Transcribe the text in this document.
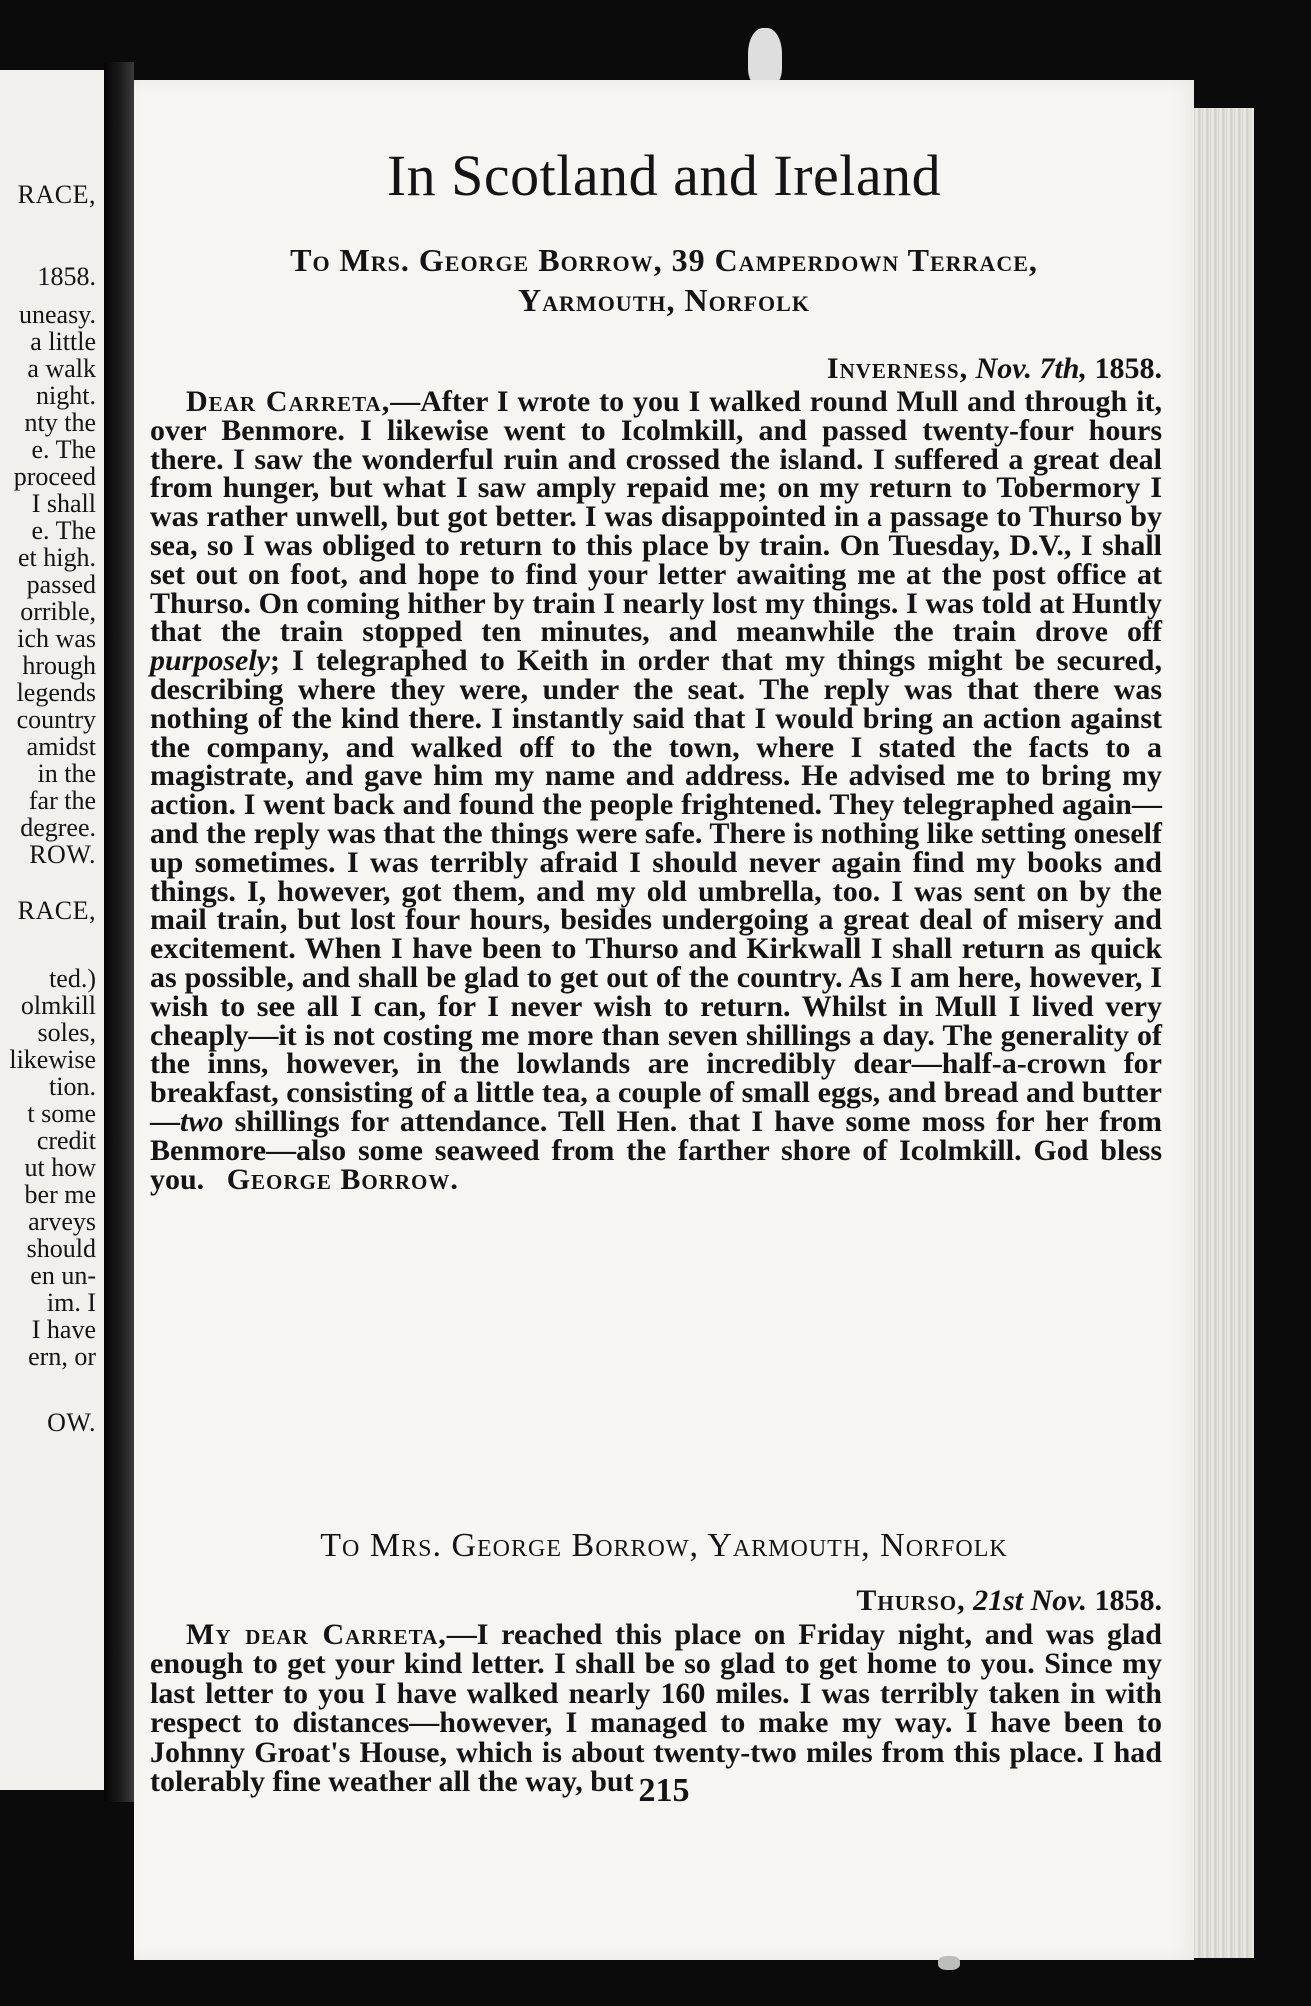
RACE,
1858.
uneasy.
a little
a walk
night.
nty the
e. The
proceed
I shall
e. The
et high.
passed
orrible,
ich was
hrough
legends
country
amidst
in the
far the
degree.
ROW.
RACE,
ted.)
olmkill
soles,
likewise
tion.
t some
credit
ut how
ber me
arveys
should
en un-
im. I
I have
ern, or
OW.
In Scotland and Ireland
To Mrs. George Borrow, 39 Camperdown Terrace,
Yarmouth, Norfolk
Inverness, Nov. 7th, 1858.

Dear Carreta,—After I wrote to you I walked round Mull and through it, over Benmore. I likewise went to Icolmkill, and passed twenty-four hours there. I saw the wonderful ruin and crossed the island. I suffered a great deal from hunger, but what I saw amply repaid me; on my return to Tobermory I was rather unwell, but got better. I was disappointed in a passage to Thurso by sea, so I was obliged to return to this place by train. On Tuesday, D.V., I shall set out on foot, and hope to find your letter awaiting me at the post office at Thurso. On coming hither by train I nearly lost my things. I was told at Huntly that the train stopped ten minutes, and meanwhile the train drove off purposely; I telegraphed to Keith in order that my things might be secured, describing where they were, under the seat. The reply was that there was nothing of the kind there. I instantly said that I would bring an action against the company, and walked off to the town, where I stated the facts to a magistrate, and gave him my name and address. He advised me to bring my action. I went back and found the people frightened. They telegraphed again—and the reply was that the things were safe. There is nothing like setting oneself up sometimes. I was terribly afraid I should never again find my books and things. I, however, got them, and my old umbrella, too. I was sent on by the mail train, but lost four hours, besides undergoing a great deal of misery and excitement. When I have been to Thurso and Kirkwall I shall return as quick as possible, and shall be glad to get out of the country. As I am here, however, I wish to see all I can, for I never wish to return. Whilst in Mull I lived very cheaply—it is not costing me more than seven shillings a day. The generality of the inns, however, in the lowlands are incredibly dear—half-a-crown for breakfast, consisting of a little tea, a couple of small eggs, and bread and butter—two shillings for attendance. Tell Hen. that I have some moss for her from Benmore—also some seaweed from the farther shore of Icolmkill. God bless you. George Borrow.

To Mrs. George Borrow, Yarmouth, Norfolk
Thurso, 21st Nov. 1858.

My dear Carreta,—I reached this place on Friday night, and was glad enough to get your kind letter. I shall be so glad to get home to you. Since my last letter to you I have walked nearly 160 miles. I was terribly taken in with respect to distances—however, I managed to make my way. I have been to Johnny Groat's House, which is about twenty-two miles from this place. I had tolerably fine weather all the way, but 215
